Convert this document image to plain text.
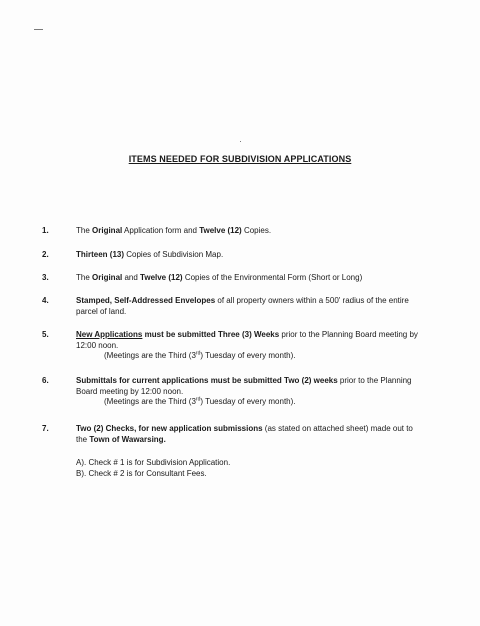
ITEMS NEEDED FOR SUBDIVISION APPLICATIONS
1.	The Original Application form and Twelve (12) Copies.
2.	Thirteen (13) Copies of Subdivision Map.
3.	The Original and Twelve (12) Copies of the Environmental Form (Short or Long)
4.	Stamped, Self-Addressed Envelopes of all property owners within a 500' radius of the entire parcel of land.
5.	New Applications must be submitted Three (3) Weeks prior to the Planning Board meeting by 12:00 noon.
(Meetings are the Third (3rd) Tuesday of every month).
6.	Submittals for current applications must be submitted Two (2) weeks prior to the Planning Board meeting by 12:00 noon.
(Meetings are the Third (3rd) Tuesday of every month).
7.	Two (2) Checks, for new application submissions (as stated on attached sheet) made out to the Town of Wawarsing.
A). Check # 1 is for Subdivision Application.
B). Check # 2 is for Consultant Fees.
